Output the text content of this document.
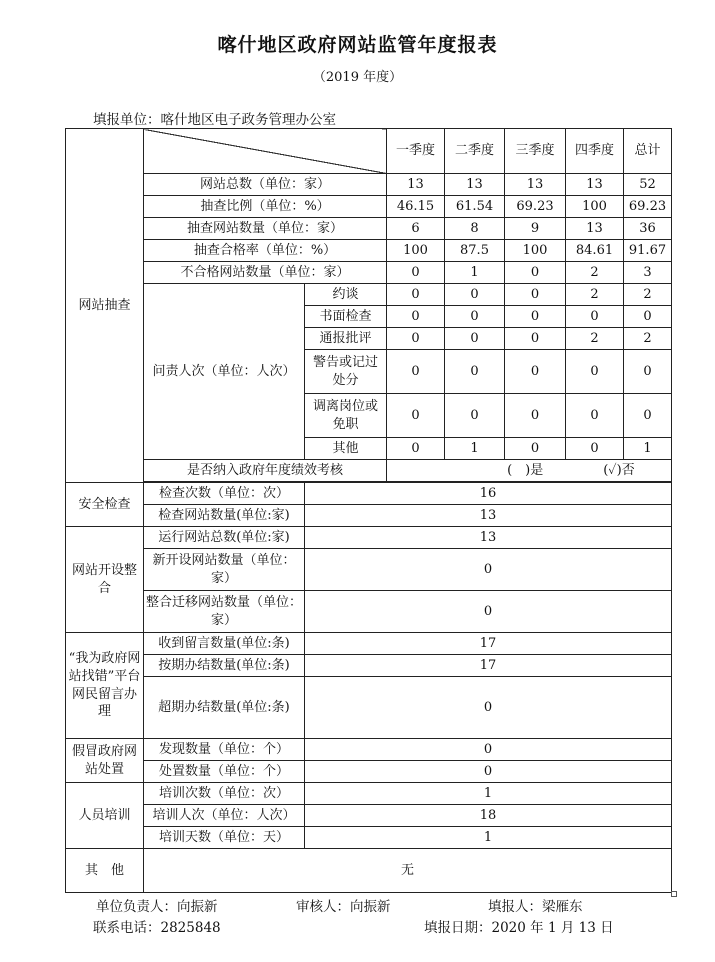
喀什地区政府网站监管年度报表
（2019 年度）
填报单位：喀什地区电子政务管理办公室
网站抽查			一季度	二季度	三季度	四季度	总计
	网站总数（单位：家）		13	13	13	13	52
	抽查比例（单位：%）		46.15	61.54	69.23	100	69.23
	抽查网站数量（单位：家）		6	8	9	13	36
	抽查合格率（单位：%）		100	87.5	100	84.61	91.67
	不合格网站数量（单位：家）		0	1	0	2	3
	问责人次（单位：人次）	约谈	0	0	0	2	2
		书面检查	0	0	0	0	0
		通报批评	0	0	0	2	2
		警告或记过处分	0	0	0	0	0
		调离岗位或免职	0	0	0	0	0
		其他	0	1	0	0	1
	是否纳入政府年度绩效考核		(　)是 (✓)否				

安全检查	检查次数（单位：次）	16					
	检查网站数量(单位:家)	13					
网站开设整合	运行网站总数(单位:家)	13					
	新开设网站数量（单位：家）	0					
	整合迁移网站数量（单位：家）	0					
“我为政府网站找错”平台网民留言办理	收到留言数量(单位:条)	17					
	按期办结数量(单位:条)	17					
	超期办结数量(单位:条)	0					
假冒政府网站处置	发现数量（单位：个）	0					
	处置数量（单位：个）	0					
人员培训	培训次数（单位：次）	1					
	培训人次（单位：人次）	18					
	培训天数（单位：天）	1					
其　他	无						
单位负责人：向振新	审核人：向振新	填报人：梁雁东
联系电话：2825848	填报日期：2020 年 1 月 13 日
